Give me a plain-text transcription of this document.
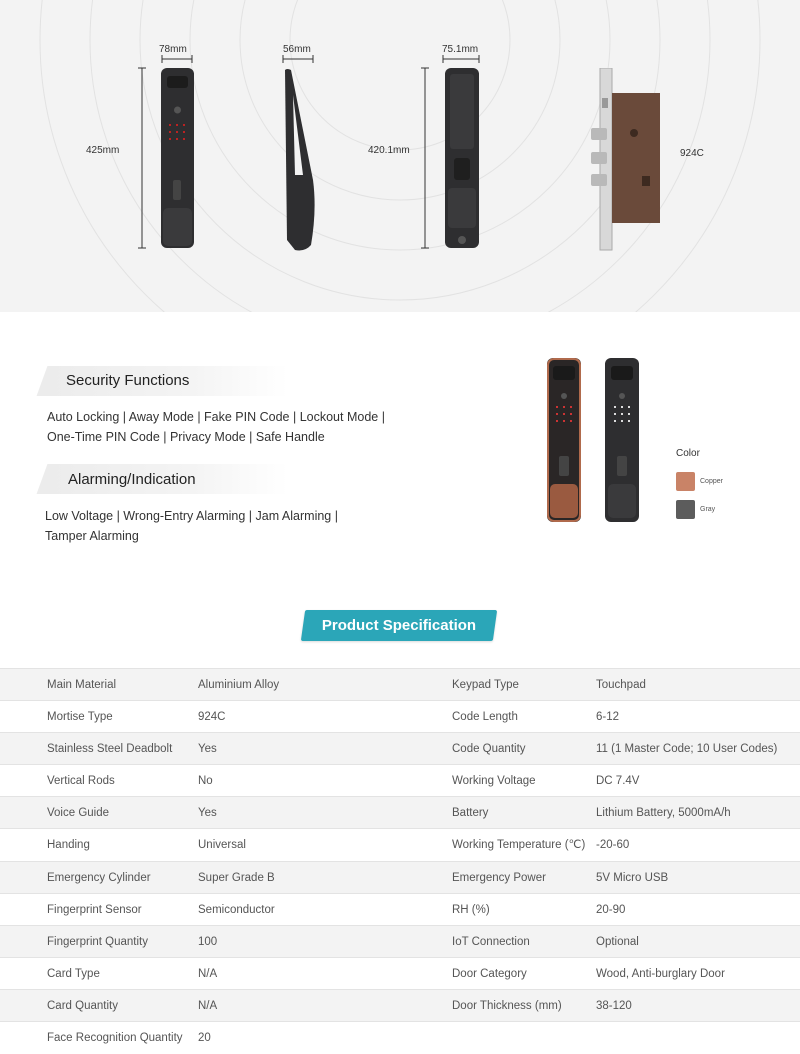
78mm
425mm
56mm	75.1mm
420.1mm	924C
Security Functions
Auto Locking | Away Mode | Fake PIN Code | Lockout Mode |
One-Time PIN Code | Privacy Mode | Safe Handle
Alarming/Indication
Low Voltage | Wrong-Entry Alarming | Jam Alarming |
Tamper Alarming
Color
Copper
Gray
Product Specification
Main Material	Aluminium Alloy	Keypad Type	Touchpad
Mortise Type	924C	Code Length	6-12
Stainless Steel Deadbolt Yes	Code Quantity	11 (1 Master Code; 10 User Codes)
Vertical Rods	No	Working Voltage	DC 7.4V
Voice Guide	Yes	Battery	Lithium Battery, 5000mA/h
Handing	Universal	Working Temperature (℃) -20-60
Emergency Cylinder	Super Grade B	Emergency Power	5V Micro USB
Fingerprint Sensor	Semiconductor	RH (%)	20-90
Fingerprint Quantity	100	IoT Connection	Optional
Card Type	N/A	Door Category	Wood, Anti-burglary Door
Card Quantity	N/A	Door Thickness (mm)	38-120
Face Recognition Quantity 20
